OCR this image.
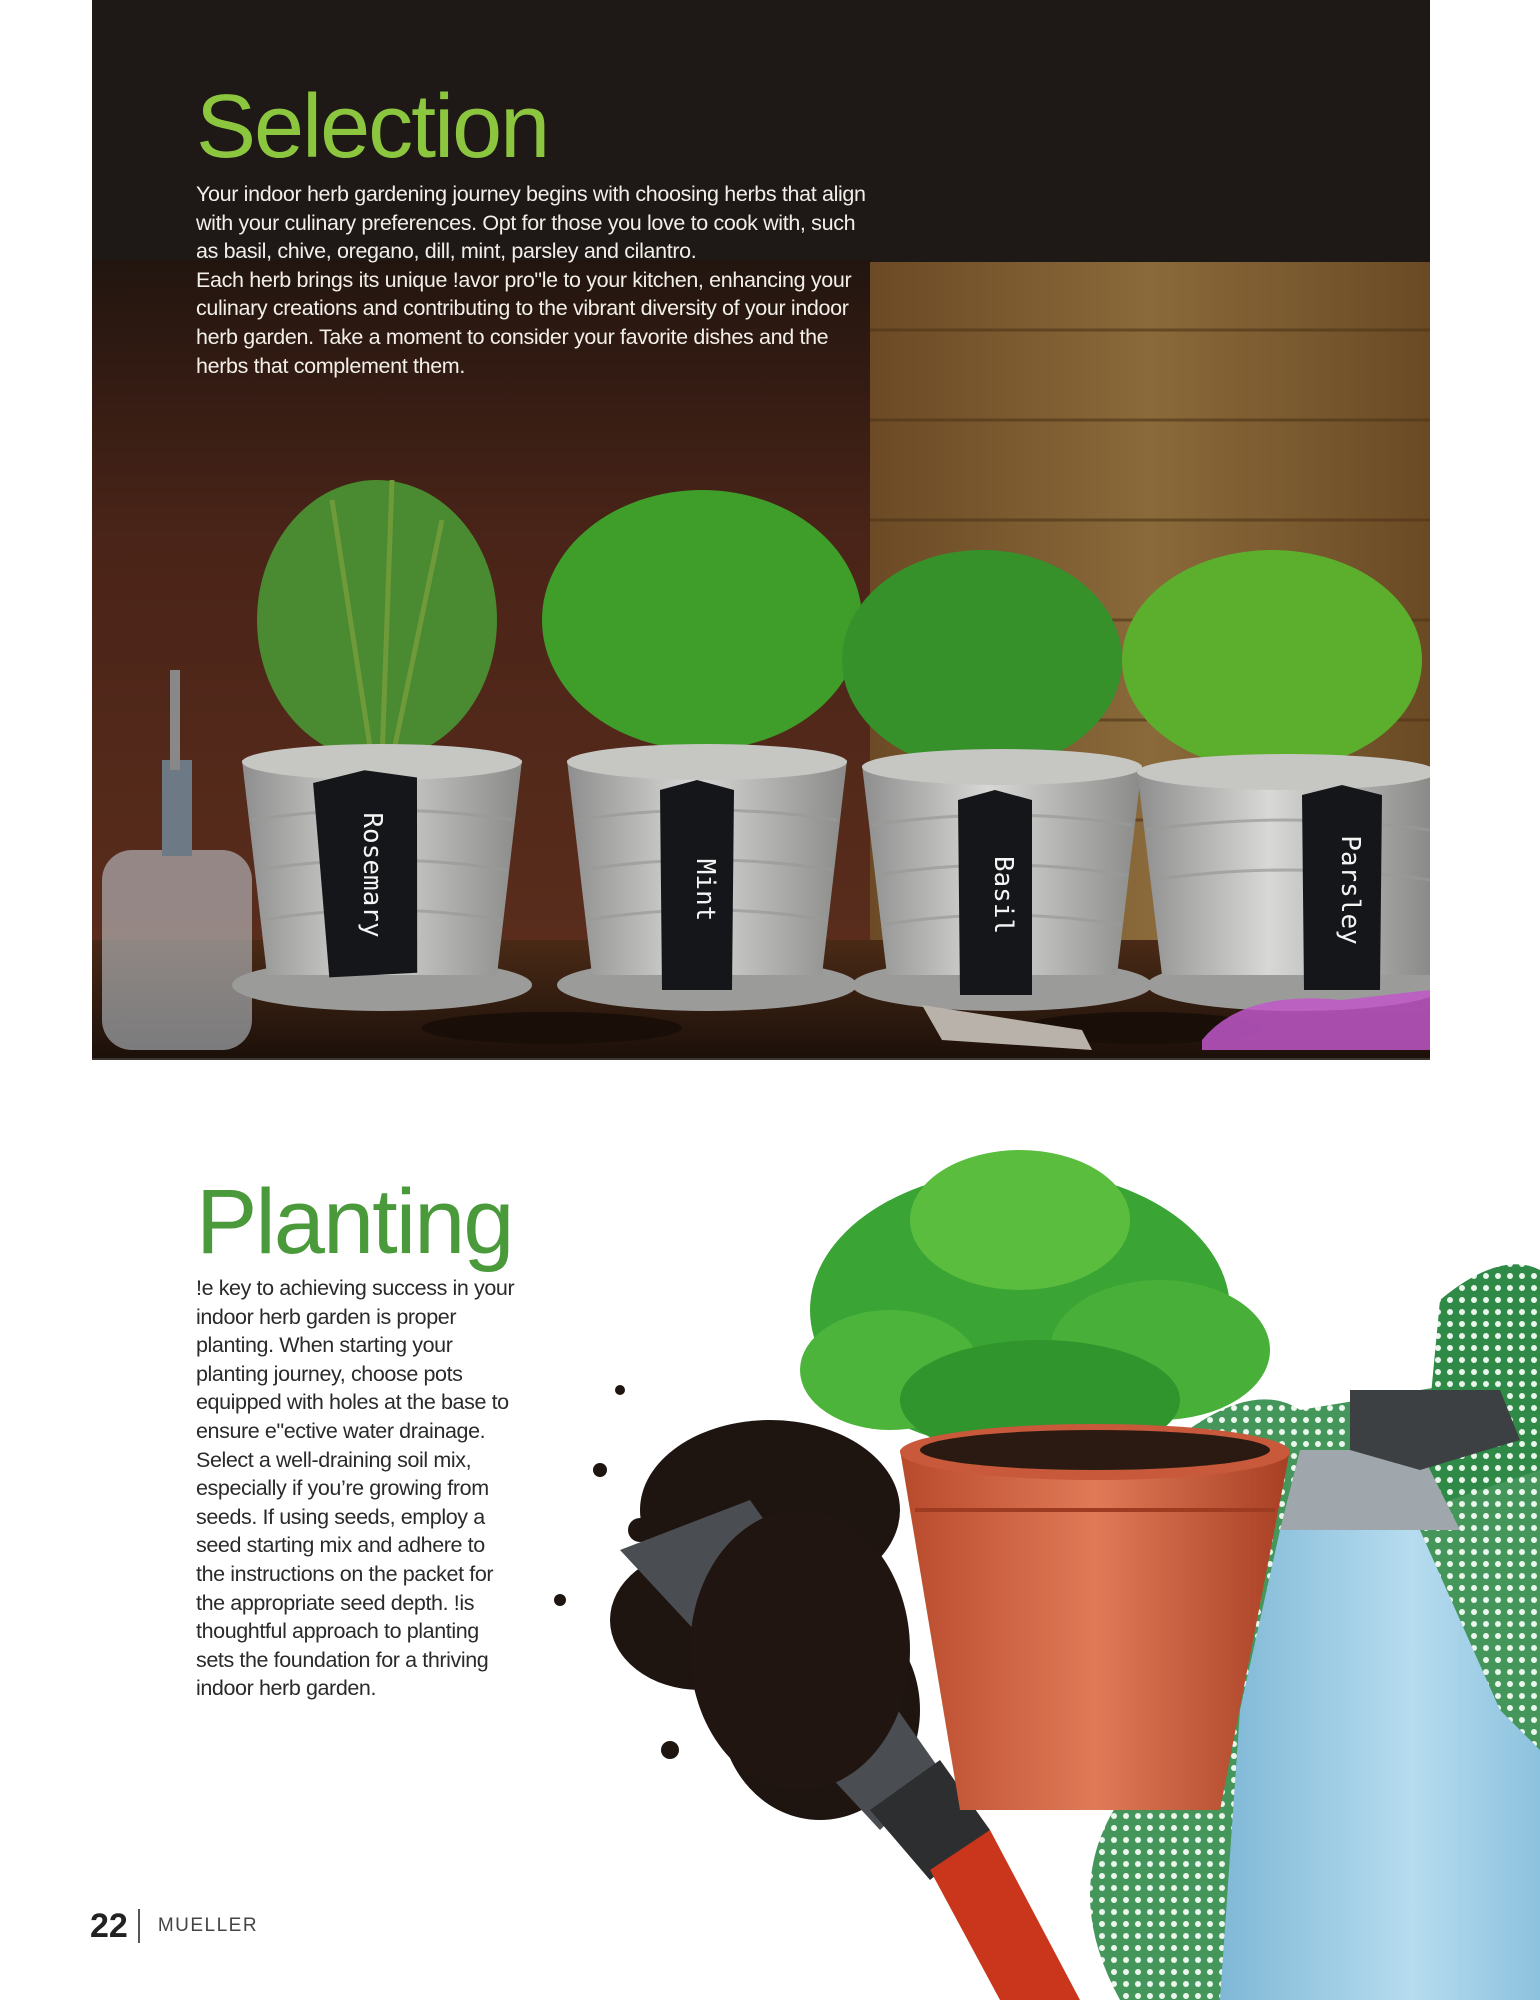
Rosemary	Mint	Basil	Parsley
Selection

Your indoor herb gardening journey begins with choosing herbs that align with your culinary preferences. Opt for those you love to cook with, such as basil, chive, oregano, dill, mint, parsley and cilantro.

Each herb brings its unique !avor pro"le to your kitchen, enhancing your culinary creations and contributing to the vibrant diversity of your indoor herb garden. Take a moment to consider your favorite dishes and the herbs that complement them.

Planting

!e key to achieving success in your indoor herb garden is proper planting. When starting your planting journey, choose pots equipped with holes at the base to ensure e"ective water drainage.

Select a well-draining soil mix, especially if you’re growing from seeds. If using seeds, employ a seed starting mix and adhere to the instructions on the packet for the appropriate seed depth. !is thoughtful approach to planting sets the foundation for a thriving indoor herb garden.

22 MUELLER
